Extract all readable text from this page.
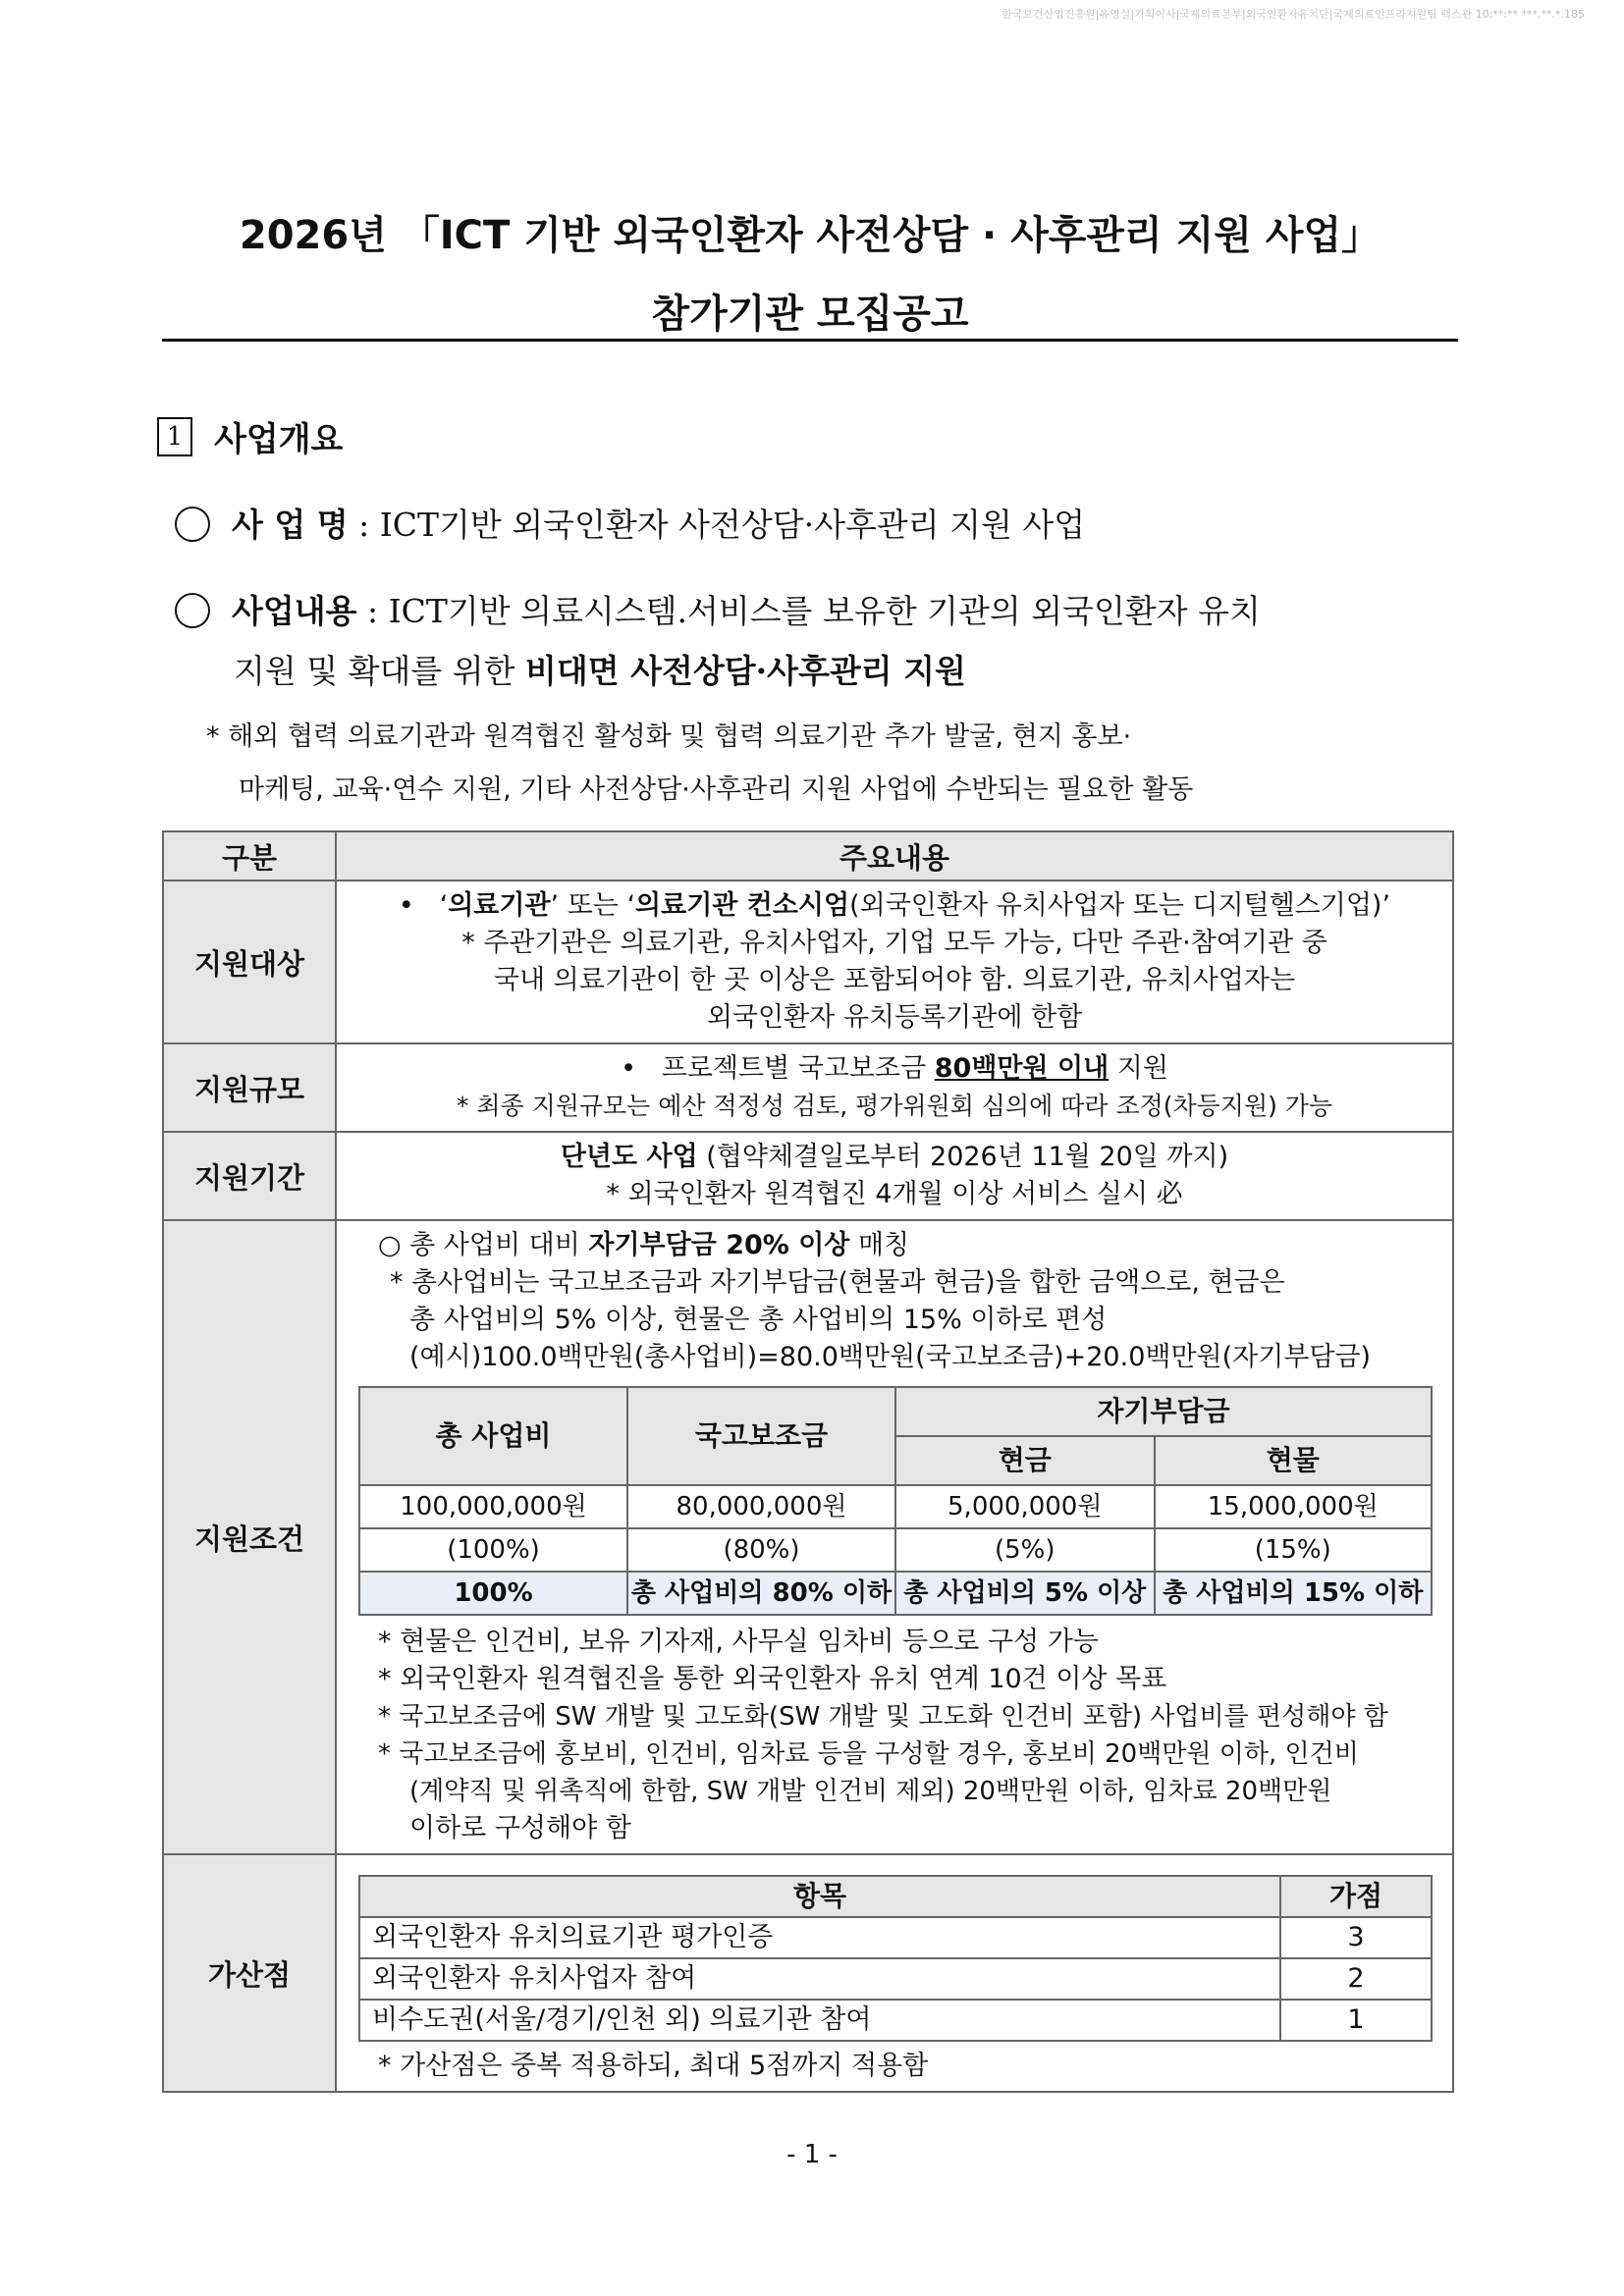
한국보건산업진흥원|유영실|기획이사|국제의료본부|외국인환자유치단|국제의료인프라지원팀 팩스관 10:**:** ***.**.*.185
2026년 「ICT 기반 외국인환자 사전상담 · 사후관리 지원 사업」
참가기관 모집공고
1 사업개요
사 업 명 : ICT기반 외국인환자 사전상담·사후관리 지원 사업
사업내용 : ICT기반 의료시스템.서비스를 보유한 기관의 외국인환자 유치
지원 및 확대를 위한 비대면 사전상담·사후관리 지원
* 해외 협력 의료기관과 원격협진 활성화 및 협력 의료기관 추가 발굴, 현지 홍보·
마케팅, 교육·연수 지원, 기타 사전상담·사후관리 지원 사업에 수반되는 필요한 활동
구분	주요내용
지원대상	
•   ‘의료기관’ 또는 ‘의료기관 컨소시엄(외국인환자 유치사업자 또는 디지털헬스기업)’
* 주관기관은 의료기관, 유치사업자, 기업 모두 가능, 다만 주관·참여기관 중
국내 의료기관이 한 곳 이상은 포함되어야 함. 의료기관, 유치사업자는
외국인환자 유치등록기관에 한함

지원규모	
•   프로젝트별 국고보조금 80백만원 이내 지원
* 최종 지원규모는 예산 적정성 검토, 평가위원회 심의에 따라 조정(차등지원) 가능

지원기간	
단년도 사업 (협약체결일로부터 2026년 11월 20일 까지)
* 외국인환자 원격협진 4개월 이상 서비스 실시 必

지원조건	
○ 총 사업비 대비 자기부담금 20% 이상 매칭
* 총사업비는 국고보조금과 자기부담금(현물과 현금)을 합한 금액으로, 현금은
총 사업비의 5% 이상, 현물은 총 사업비의 15% 이하로 편성
(예시)100.0백만원(총사업비)=80.0백만원(국고보조금)+20.0백만원(자기부담금)
총 사업비	국고보조금	자기부담금
현금	현물
100,000,000원	80,000,000원	5,000,000원	15,000,000원
(100%)	(80%)	(5%)	(15%)
100%	총 사업비의 80% 이하	총 사업비의 5% 이상	총 사업비의 15% 이하
* 현물은 인건비, 보유 기자재, 사무실 임차비 등으로 구성 가능
* 외국인환자 원격협진을 통한 외국인환자 유치 연계 10건 이상 목표
* 국고보조금에 SW 개발 및 고도화(SW 개발 및 고도화 인건비 포함) 사업비를 편성해야 함
* 국고보조금에 홍보비, 인건비, 임차료 등을 구성할 경우, 홍보비 20백만원 이하, 인건비
(계약직 및 위촉직에 한함, SW 개발 인건비 제외) 20백만원 이하, 임차료 20백만원
이하로 구성해야 함

가산점	
항목	가점
외국인환자 유치의료기관 평가인증	3
외국인환자 유치사업자 참여	2
비수도권(서울/경기/인천 외) 의료기관 참여	1
* 가산점은 중복 적용하되, 최대 5점까지 적용함
- 1 -
